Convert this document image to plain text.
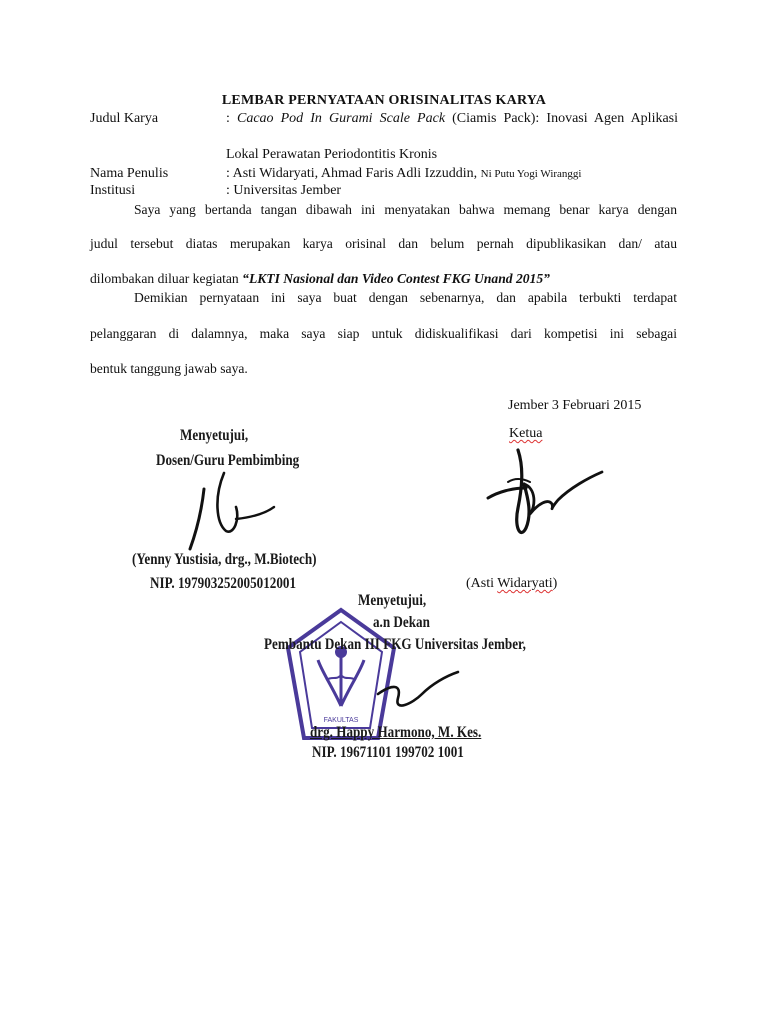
LEMBAR PERNYATAAN ORISINALITAS KARYA
Judul Karya	: Cacao Pod In Gurami Scale Pack (Ciamis Pack): Inovasi Agen Aplikasi
Lokal Perawatan Periodontitis Kronis
Nama Penulis	: Asti Widaryati, Ahmad Faris Adli Izzuddin, Ni Putu Yogi Wiranggi
Institusi	: Universitas Jember
Saya yang bertanda tangan dibawah ini menyatakan bahwa memang benar karya dengan
judul tersebut diatas merupakan karya orisinal dan belum pernah dipublikasikan dan/ atau
dilombakan diluar kegiatan “LKTI Nasional dan Video Contest FKG Unand 2015”
Demikian pernyataan ini saya buat dengan sebenarnya, dan apabila terbukti terdapat
pelanggaran di dalamnya, maka saya siap untuk didiskualifikasi dari kompetisi ini sebagai
bentuk tanggung jawab saya.
Jember 3 Februari 2015
Ketua
(Asti Widaryati)
Menyetujui,
Dosen/Guru Pembimbing
(Yenny Yustisia, drg., M.Biotech)
NIP. 197903252005012001
FAKULTAS
Menyetujui,
a.n Dekan
Pembantu Dekan III FKG Universitas Jember,
drg. Happy Harmono, M. Kes.
NIP. 19671101 199702 1001
